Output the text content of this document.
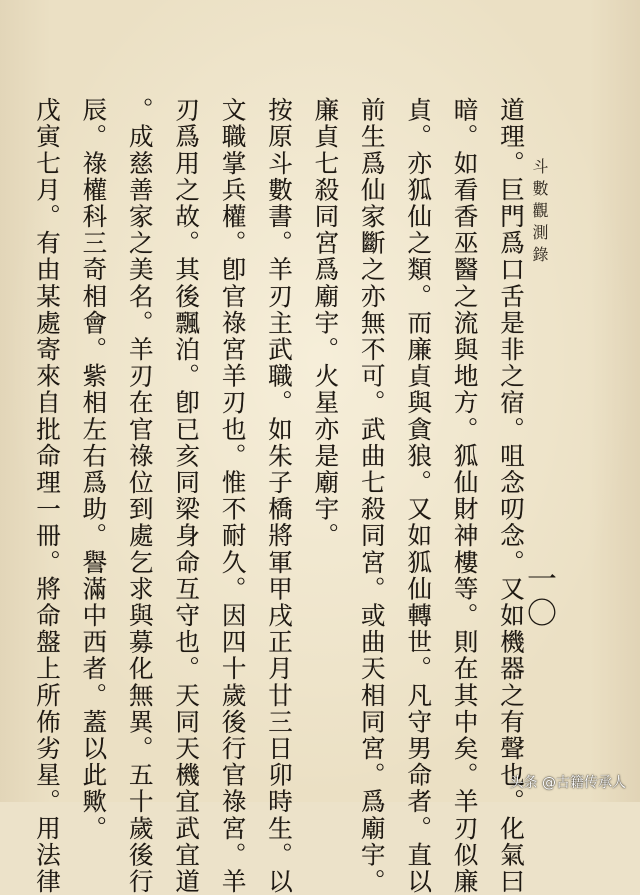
一〇
斗數觀測錄
道理。巨門爲口舌是非之宿。咀念叨念。又如機器之有聲也。化氣曰
暗。如看香巫醫之流與地方。狐仙財神樓等。則在其中矣。羊刃似廉
貞。亦狐仙之類。而廉貞與貪狼。又如狐仙轉世。凡守男命者。直以
前生爲仙家斷之亦無不可。武曲七殺同宮。或曲天相同宮。爲廟宇。
廉貞七殺同宮爲廟宇。火星亦是廟宇。
按原斗數書。羊刃主武職。如朱子橋將軍甲戌正月廿三日卯時生。以
文職掌兵權。卽官祿宮羊刃也。惟不耐久。因四十歲後行官祿宮。羊
刃爲用之故。其後飄泊。卽已亥同梁身命互守也。天同天機宜武宜道
。成慈善家之美名。羊刃在官祿位到處乞求與募化無異。五十歲後行
辰。祿權科三奇相會。紫相左右爲助。譽滿中西者。蓋以此歟。
戊寅七月。有由某處寄來自批命理一冊。將命盤上所佈劣星。用法律	头条 @古籍传承人
